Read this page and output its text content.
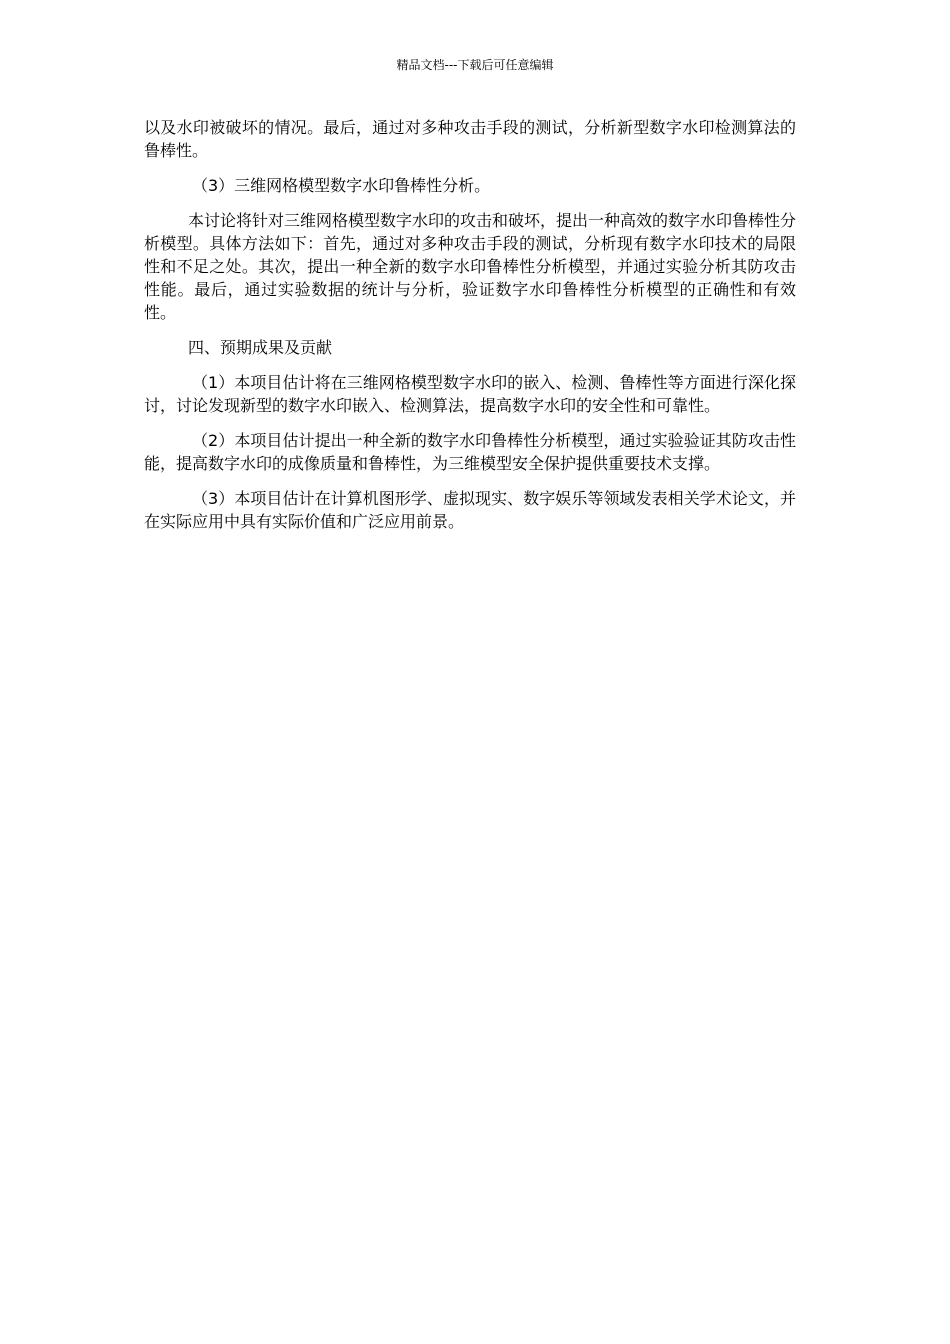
精品文档---下载后可任意编辑

以及水印被破坏的情况。最后，通过对多种攻击手段的测试，分析新型数字水印检测算法的鲁棒性。

（3）三维网格模型数字水印鲁棒性分析。

本讨论将针对三维网格模型数字水印的攻击和破坏，提出一种高效的数字水印鲁棒性分析模型。具体方法如下：首先，通过对多种攻击手段的测试，分析现有数字水印技术的局限性和不足之处。其次，提出一种全新的数字水印鲁棒性分析模型，并通过实验分析其防攻击性能。最后，通过实验数据的统计与分析，验证数字水印鲁棒性分析模型的正确性和有效性。

四、预期成果及贡献

（1）本项目估计将在三维网格模型数字水印的嵌入、检测、鲁棒性等方面进行深化探讨，讨论发现新型的数字水印嵌入、检测算法，提高数字水印的安全性和可靠性。

（2）本项目估计提出一种全新的数字水印鲁棒性分析模型，通过实验验证其防攻击性能，提高数字水印的成像质量和鲁棒性，为三维模型安全保护提供重要技术支撑。

（3）本项目估计在计算机图形学、虚拟现实、数字娱乐等领域发表相关学术论文，并在实际应用中具有实际价值和广泛应用前景。
